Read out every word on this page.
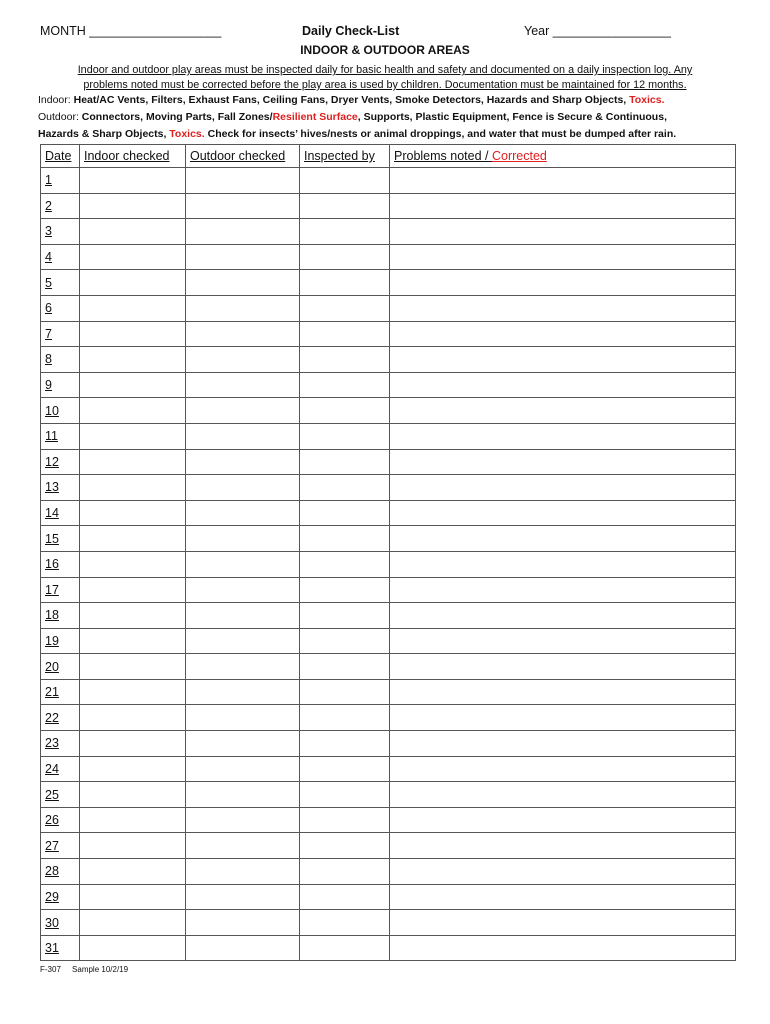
MONTH ___________________	Daily Check-List	Year _________________
INDOOR & OUTDOOR AREAS
Indoor and outdoor play areas must be inspected daily for basic health and safety and documented on a daily inspection log. Any
problems noted must be corrected before the play area is used by children. Documentation must be maintained for 12 months.
Indoor: Heat/AC Vents, Filters, Exhaust Fans, Ceiling Fans, Dryer Vents, Smoke Detectors, Hazards and Sharp Objects, Toxics.
Outdoor: Connectors, Moving Parts, Fall Zones/Resilient Surface, Supports, Plastic Equipment, Fence is Secure & Continuous,
Hazards & Sharp Objects, Toxics. Check for insects’ hives/nests or animal droppings, and water that must be dumped after rain.
Date	Indoor checked	Outdoor checked	Inspected by	Problems noted / Corrected
1				
2				
3				
4				
5				
6				
7				
8				
9				
10				
11				
12				
13				
14				
15				
16				
17				
18				
19				
20				
21				
22				
23				
24				
25				
26				
27				
28				
29				
30				
31				
F-307 Sample 10/2/19
